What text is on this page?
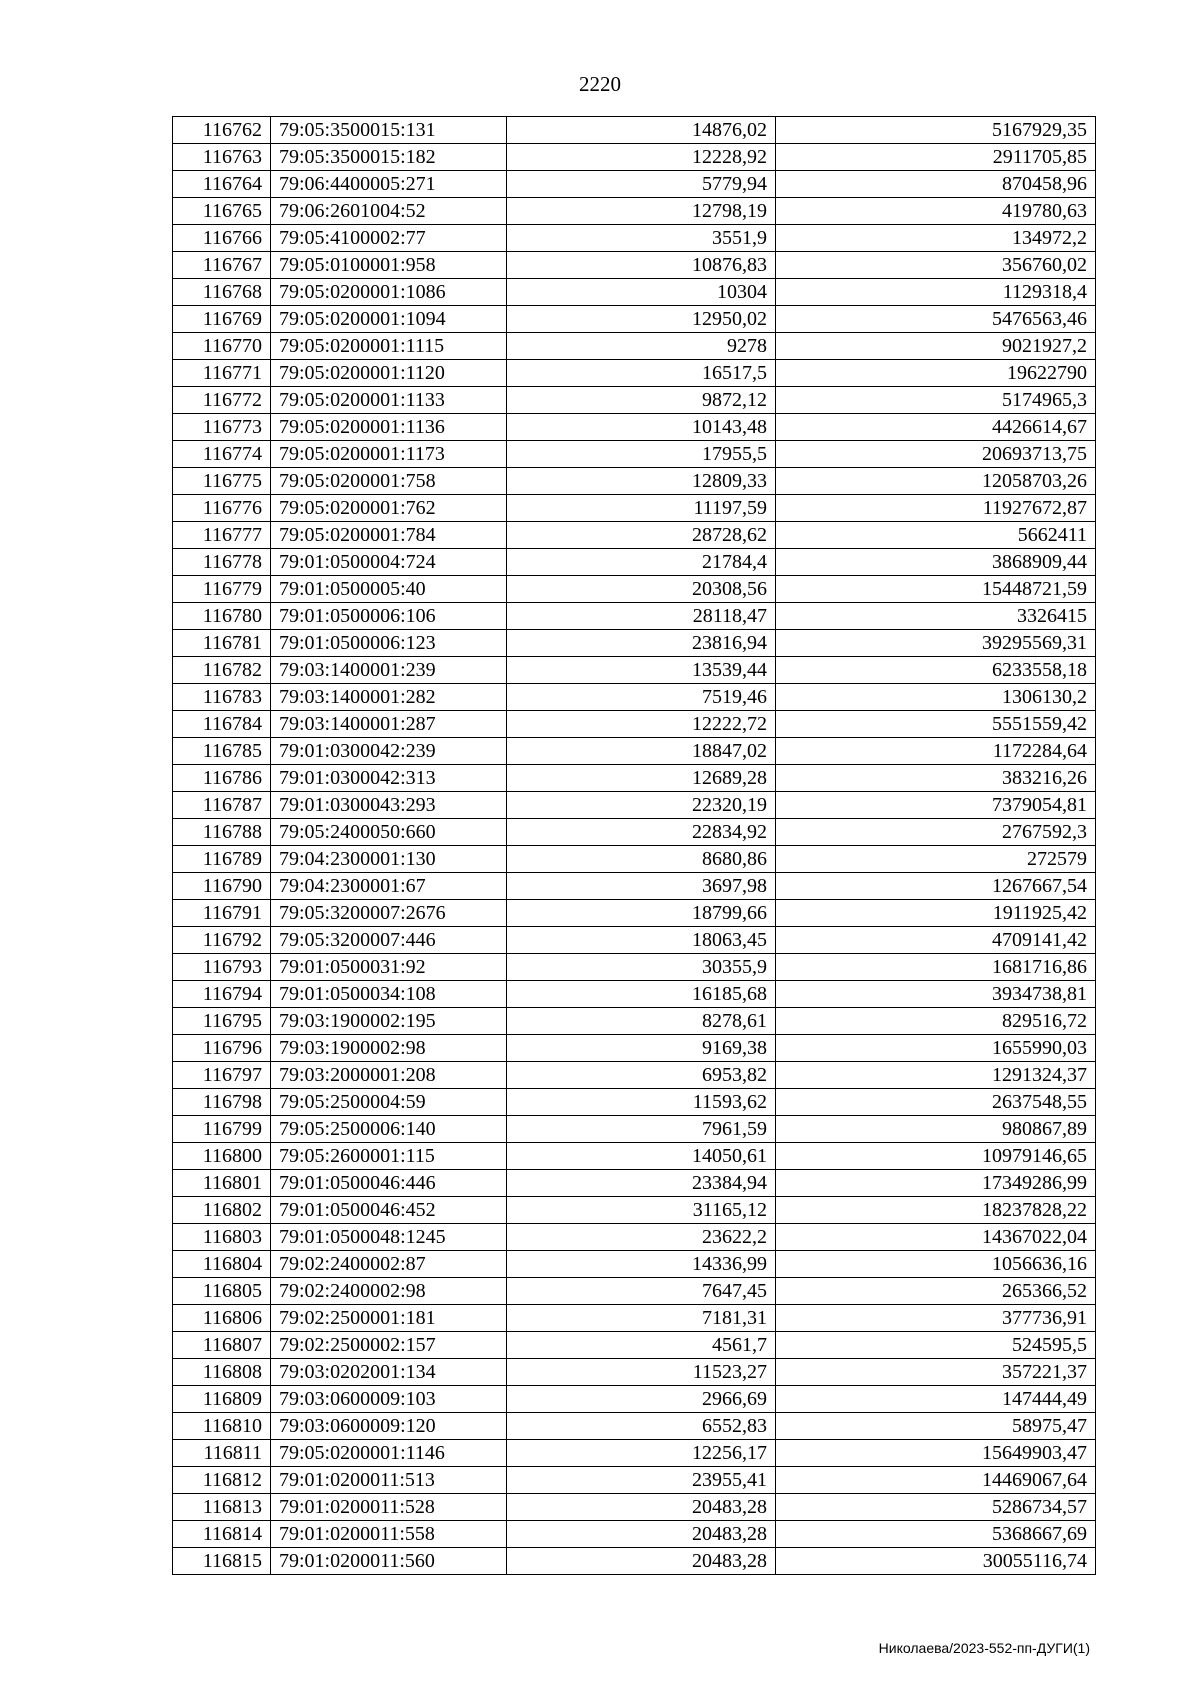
2220
116762	79:05:3500015:131	14876,02	5167929,35
116763	79:05:3500015:182	12228,92	2911705,85
116764	79:06:4400005:271	5779,94	870458,96
116765	79:06:2601004:52	12798,19	419780,63
116766	79:05:4100002:77	3551,9	134972,2
116767	79:05:0100001:958	10876,83	356760,02
116768	79:05:0200001:1086	10304	1129318,4
116769	79:05:0200001:1094	12950,02	5476563,46
116770	79:05:0200001:1115	9278	9021927,2
116771	79:05:0200001:1120	16517,5	19622790
116772	79:05:0200001:1133	9872,12	5174965,3
116773	79:05:0200001:1136	10143,48	4426614,67
116774	79:05:0200001:1173	17955,5	20693713,75
116775	79:05:0200001:758	12809,33	12058703,26
116776	79:05:0200001:762	11197,59	11927672,87
116777	79:05:0200001:784	28728,62	5662411
116778	79:01:0500004:724	21784,4	3868909,44
116779	79:01:0500005:40	20308,56	15448721,59
116780	79:01:0500006:106	28118,47	3326415
116781	79:01:0500006:123	23816,94	39295569,31
116782	79:03:1400001:239	13539,44	6233558,18
116783	79:03:1400001:282	7519,46	1306130,2
116784	79:03:1400001:287	12222,72	5551559,42
116785	79:01:0300042:239	18847,02	1172284,64
116786	79:01:0300042:313	12689,28	383216,26
116787	79:01:0300043:293	22320,19	7379054,81
116788	79:05:2400050:660	22834,92	2767592,3
116789	79:04:2300001:130	8680,86	272579
116790	79:04:2300001:67	3697,98	1267667,54
116791	79:05:3200007:2676	18799,66	1911925,42
116792	79:05:3200007:446	18063,45	4709141,42
116793	79:01:0500031:92	30355,9	1681716,86
116794	79:01:0500034:108	16185,68	3934738,81
116795	79:03:1900002:195	8278,61	829516,72
116796	79:03:1900002:98	9169,38	1655990,03
116797	79:03:2000001:208	6953,82	1291324,37
116798	79:05:2500004:59	11593,62	2637548,55
116799	79:05:2500006:140	7961,59	980867,89
116800	79:05:2600001:115	14050,61	10979146,65
116801	79:01:0500046:446	23384,94	17349286,99
116802	79:01:0500046:452	31165,12	18237828,22
116803	79:01:0500048:1245	23622,2	14367022,04
116804	79:02:2400002:87	14336,99	1056636,16
116805	79:02:2400002:98	7647,45	265366,52
116806	79:02:2500001:181	7181,31	377736,91
116807	79:02:2500002:157	4561,7	524595,5
116808	79:03:0202001:134	11523,27	357221,37
116809	79:03:0600009:103	2966,69	147444,49
116810	79:03:0600009:120	6552,83	58975,47
116811	79:05:0200001:1146	12256,17	15649903,47
116812	79:01:0200011:513	23955,41	14469067,64
116813	79:01:0200011:528	20483,28	5286734,57
116814	79:01:0200011:558	20483,28	5368667,69
116815	79:01:0200011:560	20483,28	30055116,74
Николаева/2023-552-пп-ДУГИ(1)
